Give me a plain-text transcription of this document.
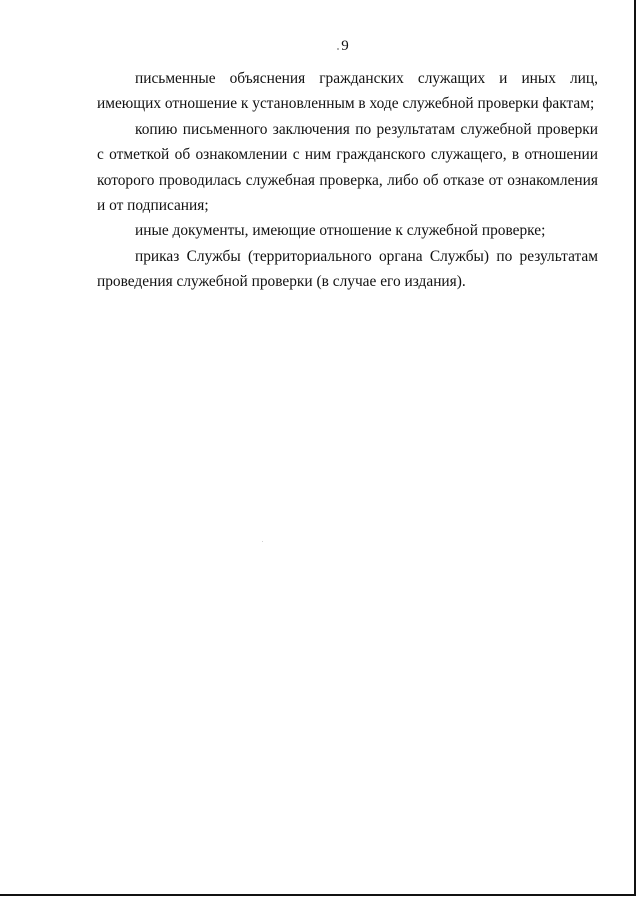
9

письменные объяснения гражданских служащих и иных лиц, имеющих отношение к установленным в ходе служебной проверки фактам;

копию письменного заключения по результатам служебной проверки с отметкой об ознакомлении с ним гражданского служащего, в отношении которого проводилась служебная проверка, либо об отказе от ознакомления и от подписания;

иные документы, имеющие отношение к служебной проверке;

приказ Службы (территориального органа Службы) по результатам проведения служебной проверки (в случае его издания).
